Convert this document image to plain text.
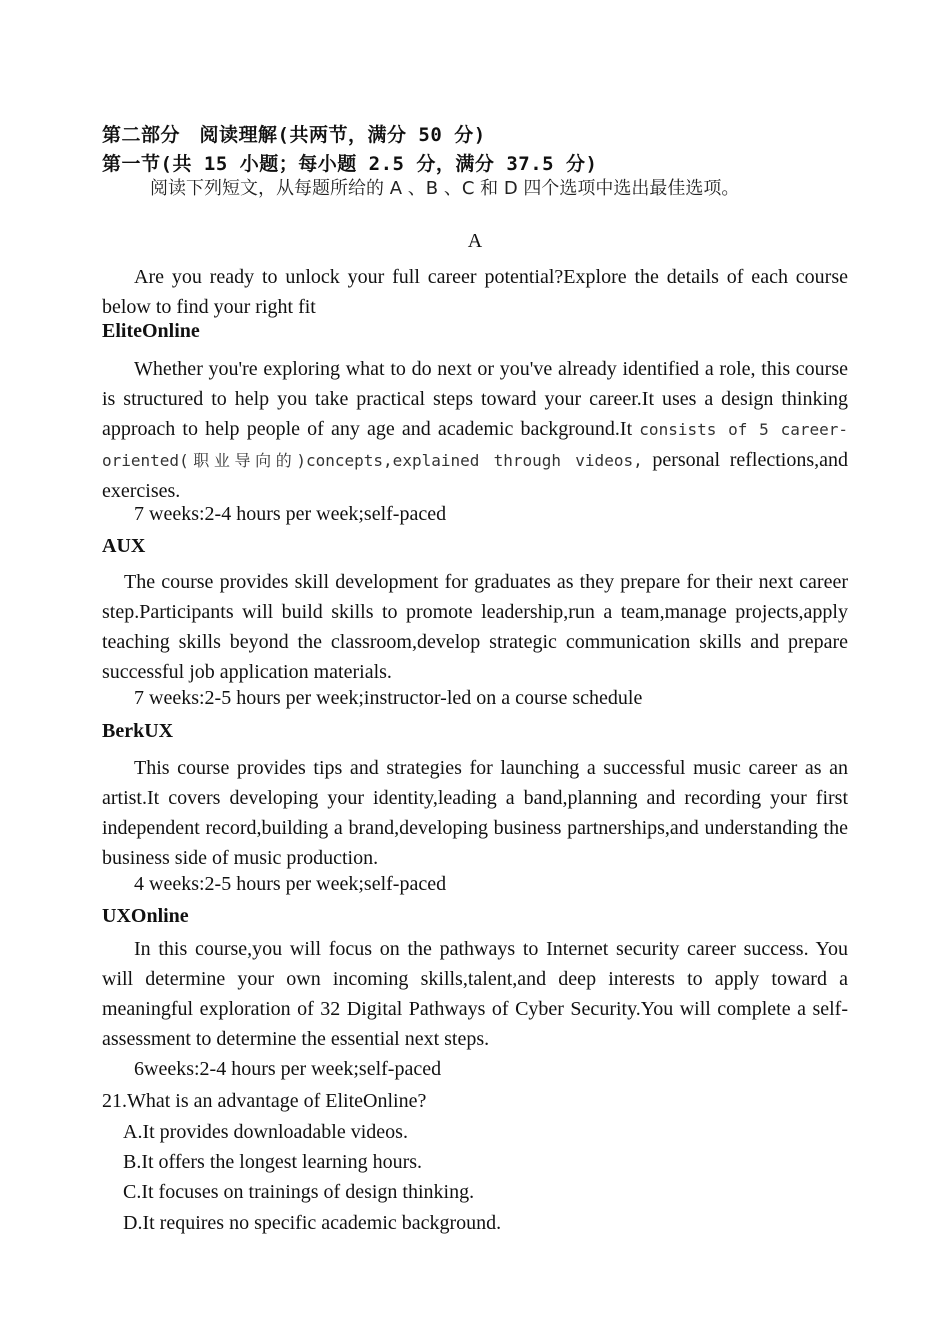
第二部分　阅读理解(共两节，满分 50 分)
第一节(共 15 小题；每小题 2.5 分，满分 37.5 分)
阅读下列短文，从每题所给的 A 、B 、C 和 D 四个选项中选出最佳选项。
A
Are you ready to unlock your full career potential?Explore the details of each course below to find your right fit
EliteOnline
Whether you're exploring what to do next or you've already identified a role, this course is structured to help you take practical steps toward your career.It uses a design thinking approach to help people of any age and academic background.It consists of 5 career-oriented(职业导向的)concepts,explained through videos, personal reflections,and exercises.
7 weeks:2-4 hours per week;self-paced
AUX
The course provides skill development for graduates as they prepare for their next career step.Participants will build skills to promote leadership,run a team,manage projects,apply teaching skills beyond the classroom,develop strategic communication skills and prepare successful job application materials.
7 weeks:2-5 hours per week;instructor-led on a course schedule
BerkUX
This course provides tips and strategies for launching a successful music career as an artist.It covers developing your identity,leading a band,planning and recording your first independent record,building a brand,developing business partnerships,and understanding the business side of music production.
4 weeks:2-5 hours per week;self-paced
UXOnline
In this course,you will focus on the pathways to Internet security career success. You will determine your own incoming skills,talent,and deep interests to apply toward a meaningful exploration of 32 Digital Pathways of Cyber Security.You will complete a self-assessment to determine the essential next steps.
6weeks:2-4 hours per week;self-paced
21.What is an advantage of EliteOnline?
A.It provides downloadable videos.
B.It offers the longest learning hours.
C.It focuses on trainings of design thinking.
D.It requires no specific academic background.
